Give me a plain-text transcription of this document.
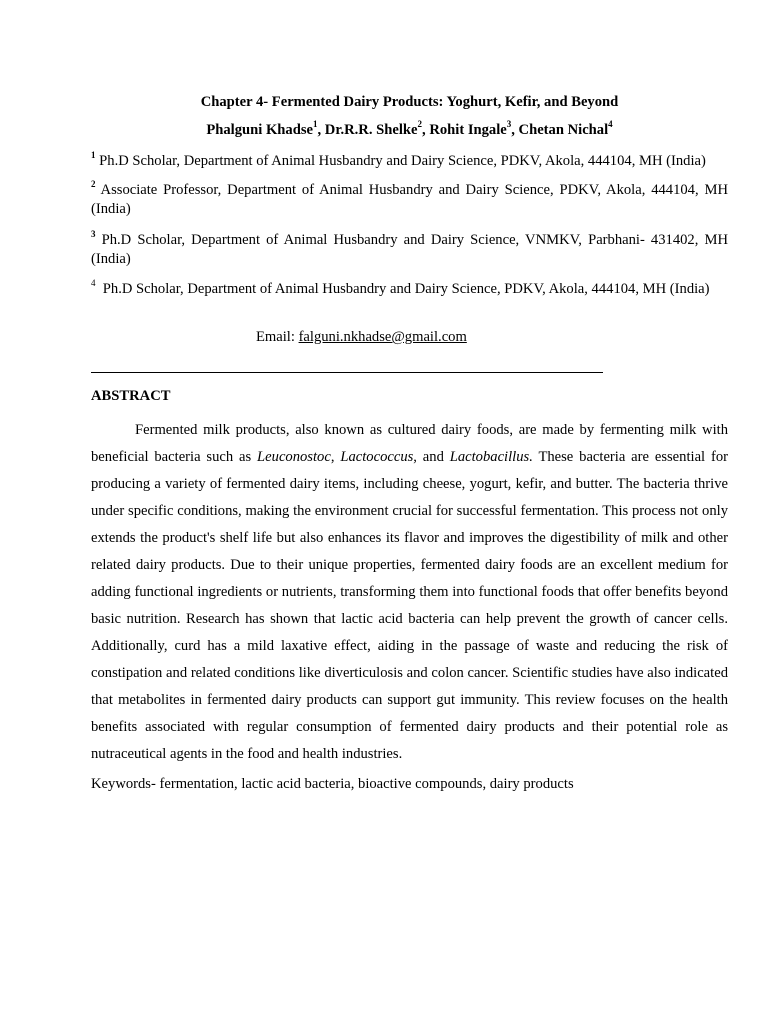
Chapter 4- Fermented Dairy Products: Yoghurt, Kefir, and Beyond
Phalguni Khadse$^1$, Dr.R.R. Shelke$^2$, Rohit Ingale$^3$, Chetan Nichal$^4$
$^1$ Ph.D Scholar, Department of Animal Husbandry and Dairy Science, PDKV, Akola, 444104, MH (India)
$^2$ Associate Professor, Department of Animal Husbandry and Dairy Science, PDKV, Akola, 444104, MH (India)
$^3$ Ph.D Scholar, Department of Animal Husbandry and Dairy Science, VNMKV, Parbhani- 431402, MH (India)
$^4$ Ph.D Scholar, Department of Animal Husbandry and Dairy Science, PDKV, Akola, 444104, MH (India)
Email: falguni.nkhadse@gmail.com
ABSTRACT
Fermented milk products, also known as cultured dairy foods, are made by fermenting milk with beneficial bacteria such as Leuconostoc, Lactococcus, and Lactobacillus. These bacteria are essential for producing a variety of fermented dairy items, including cheese, yogurt, kefir, and butter. The bacteria thrive under specific conditions, making the environment crucial for successful fermentation. This process not only extends the product's shelf life but also enhances its flavor and improves the digestibility of milk and other related dairy products. Due to their unique properties, fermented dairy foods are an excellent medium for adding functional ingredients or nutrients, transforming them into functional foods that offer benefits beyond basic nutrition. Research has shown that lactic acid bacteria can help prevent the growth of cancer cells. Additionally, curd has a mild laxative effect, aiding in the passage of waste and reducing the risk of constipation and related conditions like diverticulosis and colon cancer. Scientific studies have also indicated that metabolites in fermented dairy products can support gut immunity. This review focuses on the health benefits associated with regular consumption of fermented dairy products and their potential role as nutraceutical agents in the food and health industries.
Keywords- fermentation, lactic acid bacteria, bioactive compounds, dairy products
